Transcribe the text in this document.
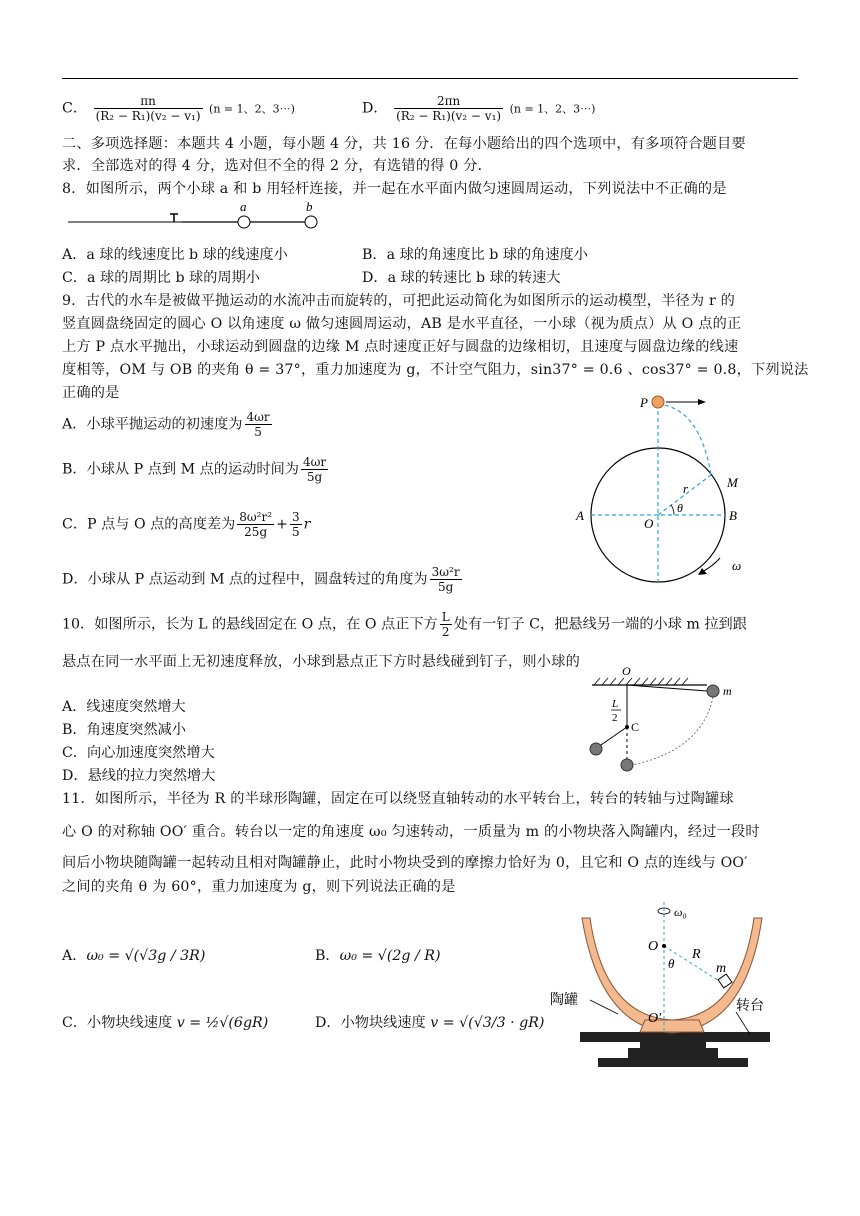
C． $\frac{\pi n}{\text{(R₂ − R₁)(v₂ − v₁)}} (n = 1$、2、3⋯)	D． $\frac{2\pi n}{\text{(R₂ − R₁)(v₂ − v₁)}} (n = 1$、2、3⋯)
二、多项选择题：本题共 4 小题，每小题 4 分，共 16 分．在每小题给出的四个选项中，有多项符合题目要
求．全部选对的得 4 分，选对但不全的得 2 分，有选错的得 0 分．
8．如图所示，两个小球 a 和 b 用轻杆连接，并一起在水平面内做匀速圆周运动，下列说法中不正确的是
a	b
A．a 球的线速度比 b 球的线速度小	B．a 球的角速度比 b 球的角速度小
C．a 球的周期比 b 球的周期小	D．a 球的转速比 b 球的转速大
9．古代的水车是被做平抛运动的水流冲击而旋转的，可把此运动简化为如图所示的运动模型，半径为 r 的
竖直圆盘绕固定的圆心 O 以角速度 ω 做匀速圆周运动，AB 是水平直径，一小球（视为质点）从 O 点的正
上方 P 点水平抛出，小球运动到圆盘的边缘 M 点时速度正好与圆盘的边缘相切，且速度与圆盘边缘的线速
度相等，OM 与 OB 的夹角 θ = 37°，重力加速度为 g，不计空气阻力，sin37° = 0.6 、cos37° = 0.8，下列说法
正确的是
A．小球平抛运动的初速度为 $\frac{4\omega r}{5}$
B．小球从 P 点到 M 点的运动时间为 $\frac{4\omega r}{5g}$
C．P 点与 O 点的高度差为 $\frac{\text{8ω²r²}}{25g} + \frac{3}{5}$ r
D．小球从 P 点运动到 M 点的过程中，圆盘转过的角度为 $\frac{\text{3ω²r}}{5g}$
P
M
A	B
O
r
θ
ω
10．如图所示，长为 L 的悬线固定在 O 点，在 O 点正下方 $\frac{L}{2}$ 处有一钉子 C，把悬线另一端的小球 m 拉到跟
悬点在同一水平面上无初速度释放，小球到悬点正下方时悬线碰到钉子，则小球的
A．线速度突然增大
B．角速度突然减小
C．向心加速度突然增大
D．悬线的拉力突然增大
O
m
L
2
C
11．如图所示，半径为 R 的半球形陶罐，固定在可以绕竖直轴转动的水平转台上，转台的转轴与过陶罐球
心 O 的对称轴 OO′ 重合。转台以一定的角速度 ω₀ 匀速转动，一质量为 m 的小物块落入陶罐内，经过一段时
间后小物块随陶罐一起转动且相对陶罐静止，此时小物块受到的摩擦力恰好为 0，且它和 O 点的连线与 OO′
之间的夹角 θ 为 60°，重力加速度为 g，则下列说法正确的是
A．ω₀ = √(√3g / 3R)	B．ω₀ = √(2g / R)
C．小物块线速度 v = ½√(6gR)	D．小物块线速度 v = √(√3/3 · gR)
ω₀
O
R
m
θ
O′
陶罐	转台
